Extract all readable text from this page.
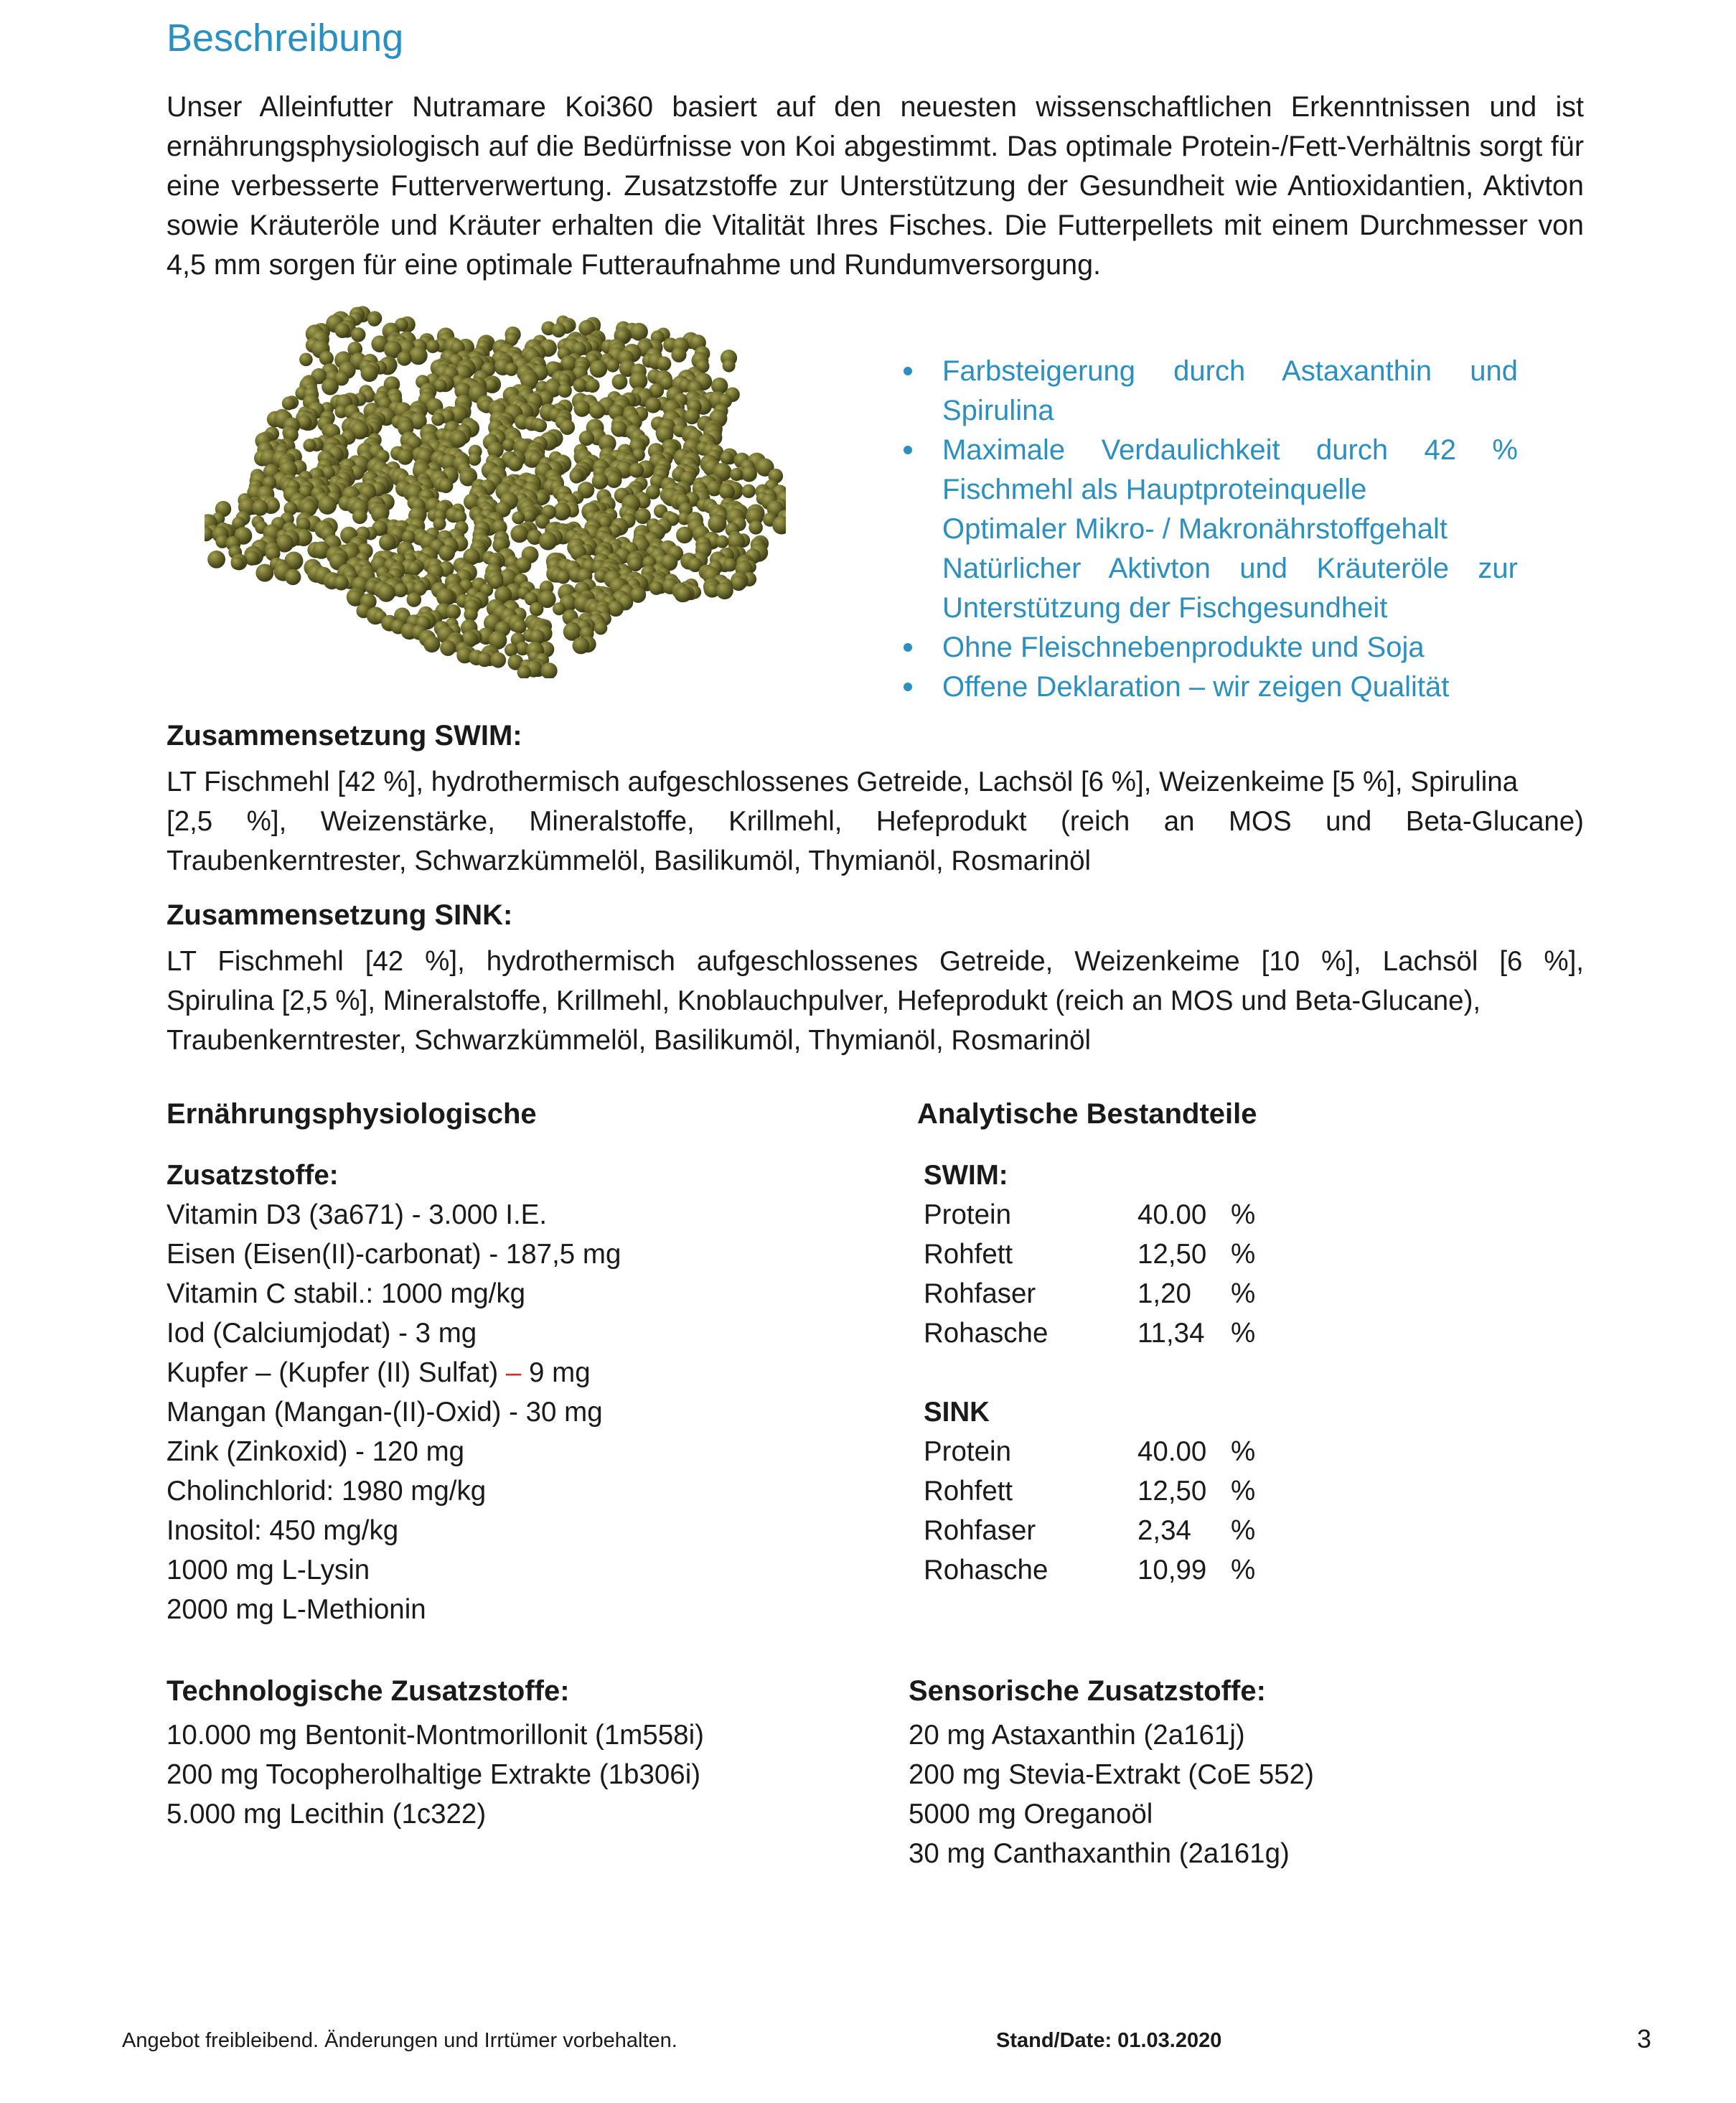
Beschreibung

Unser Alleinfutter Nutramare Koi360 basiert auf den neuesten wissenschaftlichen Erkenntnissen und ist ernährungsphysiologisch auf die Bedürfnisse von Koi abgestimmt. Das optimale Protein-/Fett-Verhältnis sorgt für eine verbesserte Futterverwertung. Zusatzstoffe zur Unterstützung der Gesundheit wie Antioxidantien, Aktivton sowie Kräuteröle und Kräuter erhalten die Vitalität Ihres Fisches. Die Futterpellets mit einem Durchmesser von 4,5 mm sorgen für eine optimale Futteraufnahme und Rundumversorgung.

Farbsteigerung durch Astaxanthin und Spirulina
Maximale Verdaulichkeit durch 42 % Fischmehl als Hauptproteinquelle
Optimaler Mikro- / Makronährstoffgehalt
Natürlicher Aktivton und Kräuteröle zur Unterstützung der Fischgesundheit
Ohne Fleischnebenprodukte und Soja
Offene Deklaration – wir zeigen Qualität
Zusammensetzung SWIM:
LT Fischmehl [42 %], hydrothermisch aufgeschlossenes Getreide, Lachsöl [6 %], Weizenkeime [5 %], Spirulina
[2,5 %], Weizenstärke, Mineralstoffe, Krillmehl, Hefeprodukt (reich an MOS und Beta-Glucane)
Traubenkerntrester, Schwarzkümmelöl, Basilikumöl, Thymianöl, Rosmarinöl
Zusammensetzung SINK:
LT Fischmehl [42 %], hydrothermisch aufgeschlossenes Getreide, Weizenkeime [10 %], Lachsöl [6 %],
Spirulina [2,5 %], Mineralstoffe, Krillmehl, Knoblauchpulver, Hefeprodukt (reich an MOS und Beta-Glucane),
Traubenkerntrester, Schwarzkümmelöl, Basilikumöl, Thymianöl, Rosmarinöl
Ernährungsphysiologische
Zusatzstoffe:
Vitamin D3 (3a671) - 3.000 I.E.
Eisen (Eisen(II)-carbonat) - 187,5 mg
Vitamin C stabil.: 1000 mg/kg
Iod (Calciumjodat) - 3 mg
Kupfer – (Kupfer (II) Sulfat) – 9 mg
Mangan (Mangan-(II)-Oxid) - 30 mg
Zink (Zinkoxid) - 120 mg
Cholinchlorid: 1980 mg/kg
Inositol: 450 mg/kg
1000 mg L-Lysin
2000 mg L-Methionin
Analytische Bestandteile
SWIM:
Protein	40.00 %
Rohfett	12,50 %
Rohfaser	1,20	%
Rohasche	11,34 %
SINK
Protein	40.00 %
Rohfett	12,50 %
Rohfaser	2,34	%
Rohasche	10,99 %
Technologische Zusatzstoffe:
10.000 mg Bentonit-Montmorillonit (1m558i)
200 mg Tocopherolhaltige Extrakte (1b306i)
5.000 mg Lecithin (1c322)
Sensorische Zusatzstoffe:
20 mg Astaxanthin (2a161j)
200 mg Stevia-Extrakt (CoE 552)
5000 mg Oreganoöl
30 mg Canthaxanthin (2a161g)

Angebot freibleibend. Änderungen und Irrtümer vorbehalten.	Stand/Date: 01.03.2020	3
